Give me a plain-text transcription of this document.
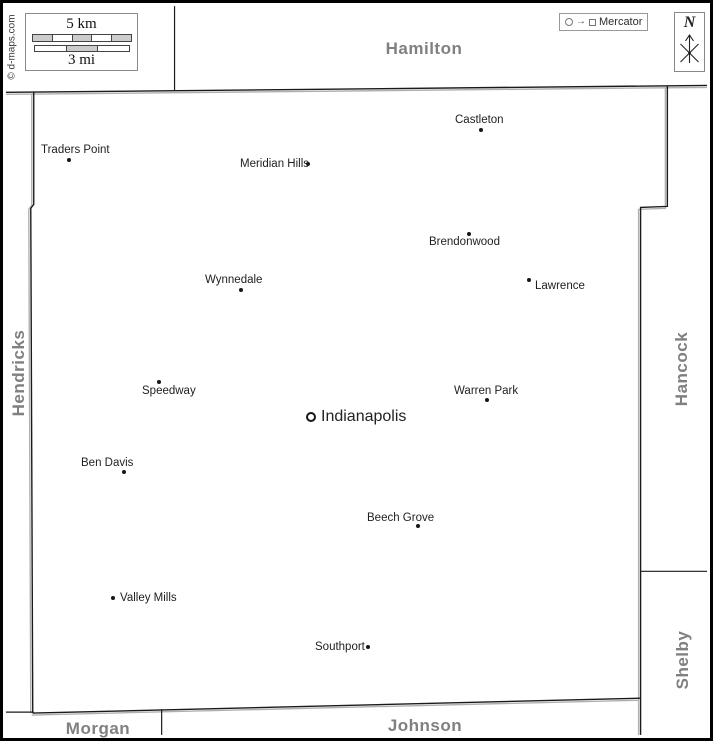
5 km
3 mi
→ Mercator	N
© d-maps.com	Hamilton
Hendricks	Hancock
Shelby
Morgan	Johnson
Traders Point
Castleton
Meridian Hills
Brendonwood
Wynnedale	Lawrence
Speedway	Warren Park
Indianapolis
Ben Davis
Beech Grove
Valley Mills
Southport
